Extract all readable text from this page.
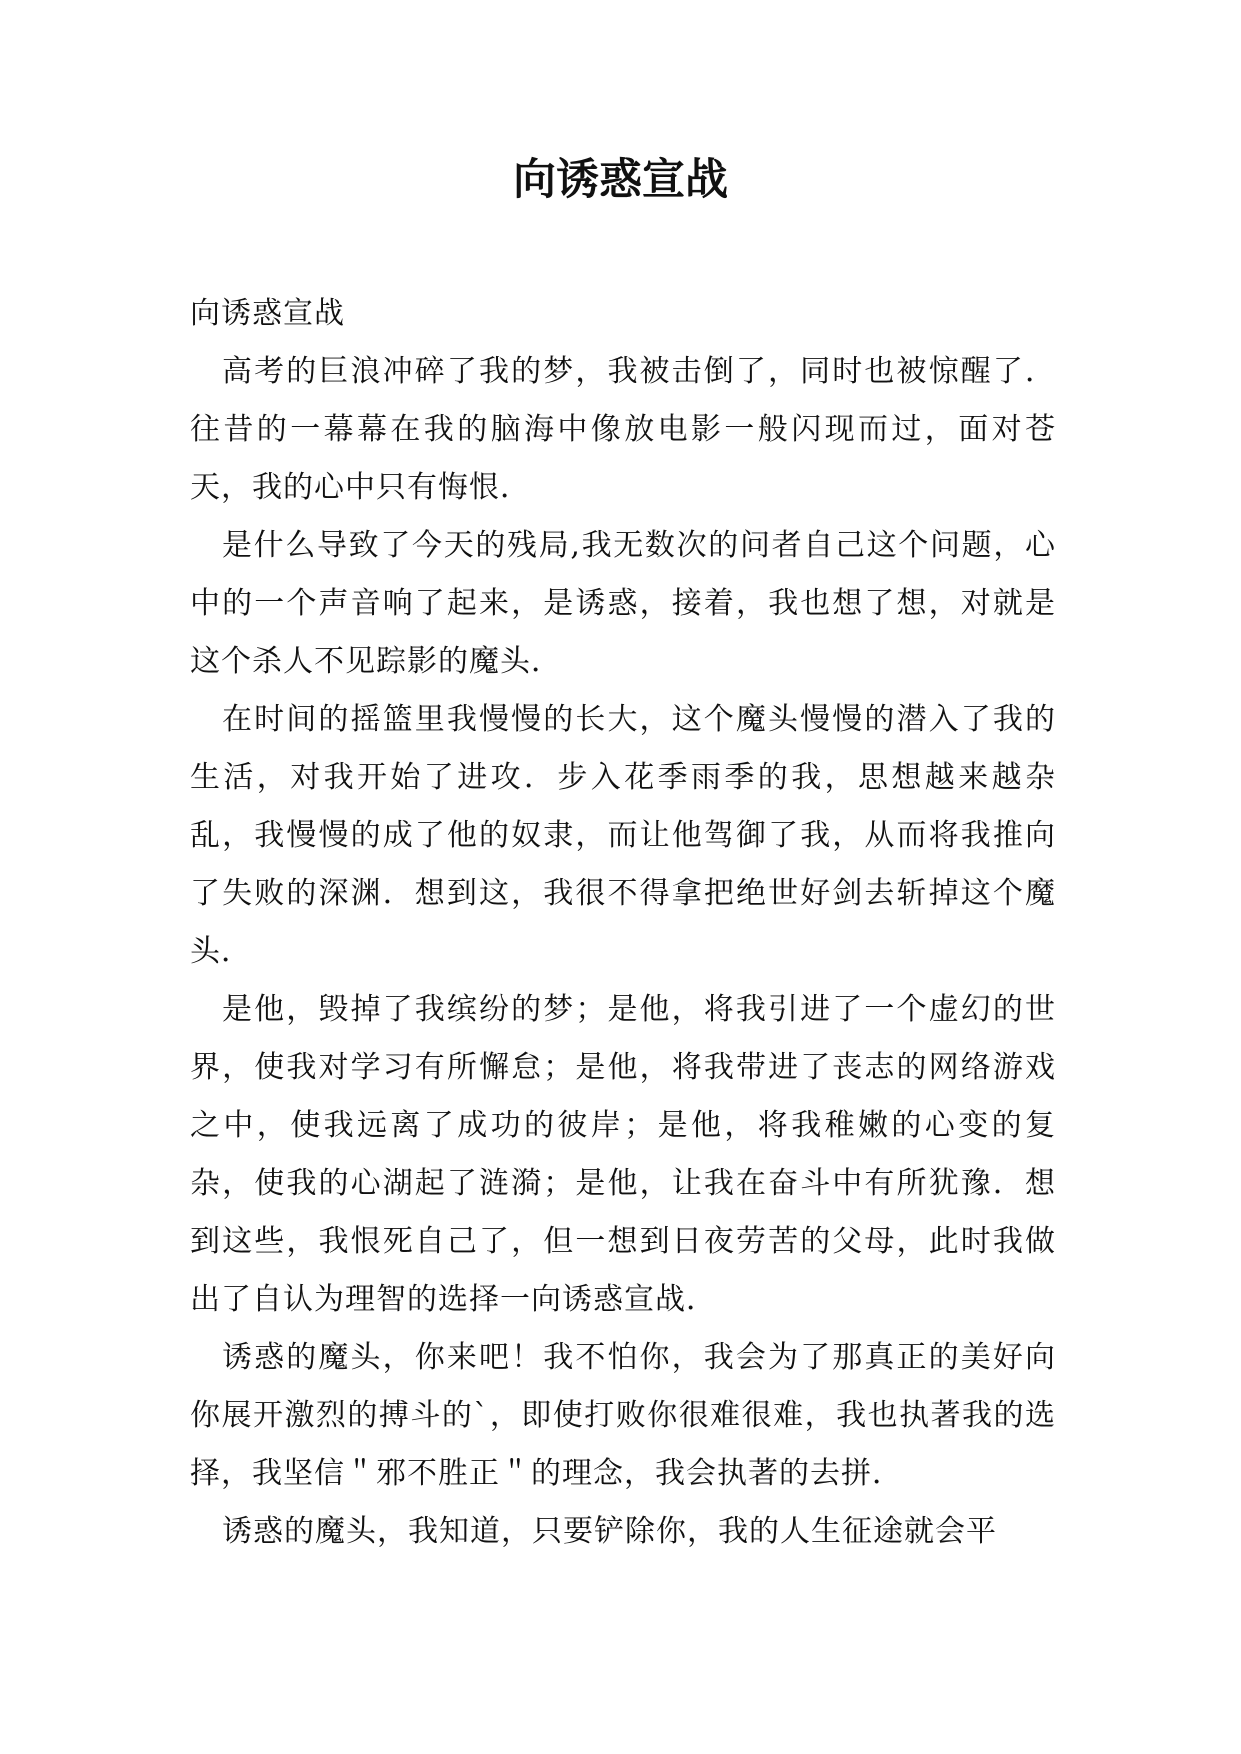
向诱惑宣战

向诱惑宣战

高考的巨浪冲碎了我的梦，我被击倒了，同时也被惊醒了．往昔的一幕幕在我的脑海中像放电影一般闪现而过，面对苍天，我的心中只有悔恨．

是什么导致了今天的残局,我无数次的问者自己这个问题，心中的一个声音响了起来，是诱惑，接着，我也想了想，对就是这个杀人不见踪影的魔头．

在时间的摇篮里我慢慢的长大，这个魔头慢慢的潜入了我的生活，对我开始了进攻．步入花季雨季的我，思想越来越杂乱，我慢慢的成了他的奴隶，而让他驾御了我，从而将我推向了失败的深渊．想到这，我很不得拿把绝世好剑去斩掉这个魔头．

是他，毁掉了我缤纷的梦；是他，将我引进了一个虚幻的世界，使我对学习有所懈怠；是他，将我带进了丧志的网络游戏之中，使我远离了成功的彼岸；是他，将我稚嫩的心变的复杂，使我的心湖起了涟漪；是他，让我在奋斗中有所犹豫．想到这些，我恨死自己了，但一想到日夜劳苦的父母，此时我做出了自认为理智的选择一向诱惑宣战．

诱惑的魔头，你来吧！我不怕你，我会为了那真正的美好向你展开激烈的搏斗的`，即使打败你很难很难，我也执著我的选择，我坚信＂邪不胜正＂的理念，我会执著的去拼．

诱惑的魔头，我知道，只要铲除你，我的人生征途就会平
